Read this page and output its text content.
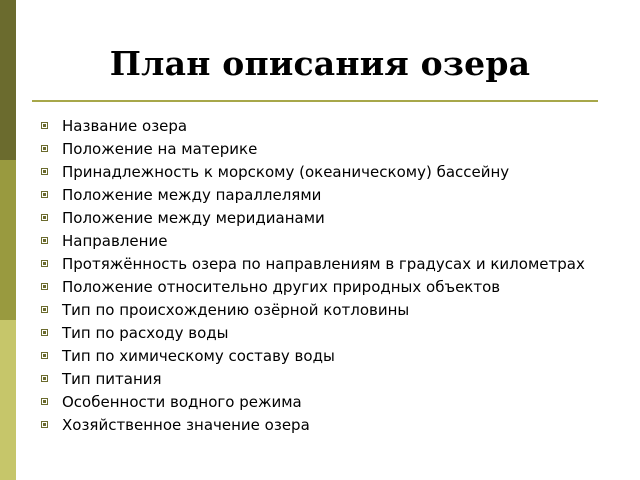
План описания озера
Название озера
Положение на материке
Принадлежность к морскому (океаническому) бассейну
Положение между параллелями
Положение между меридианами
Направление
Протяжённость озера по направлениям в градусах и километрах
Положение относительно других природных объектов
Тип по происхождению озёрной котловины
Тип по расходу воды
Тип по химическому составу воды
Тип питания
Особенности водного режима
Хозяйственное значение озера
